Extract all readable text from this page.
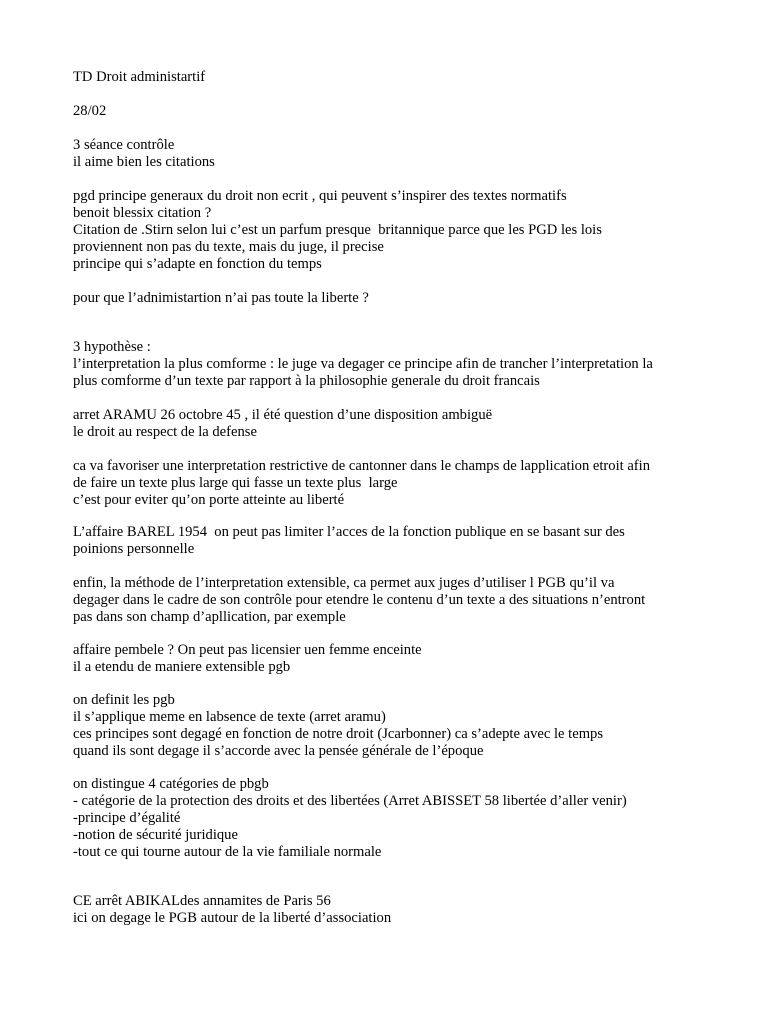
TD Droit administartif

28/02

3 séance contrôle

il aime bien les citations

pgd principe generaux du droit non ecrit , qui peuvent s’inspirer des textes normatifs

benoit blessix citation ?

Citation de .Stirn selon lui c’est un parfum presque  britannique parce que les PGD les lois

proviennent non pas du texte, mais du juge, il precise

principe qui s’adapte en fonction du temps

pour que l’adnimistartion n’ai pas toute la liberte ?

3 hypothèse :

l’interpretation la plus comforme : le juge va degager ce principe afin de trancher l’interpretation la

plus comforme d’un texte par rapport à la philosophie generale du droit francais

arret ARAMU 26 octobre 45 , il été question d’une disposition ambiguë

le droit au respect de la defense

ca va favoriser une interpretation restrictive de cantonner dans le champs de lapplication etroit afin

de faire un texte plus large qui fasse un texte plus  large

c’est pour eviter qu’on porte atteinte au liberté

L’affaire BAREL 1954  on peut pas limiter l’acces de la fonction publique en se basant sur des

poinions personnelle

enfin, la méthode de l’interpretation extensible, ca permet aux juges d’utiliser l PGB qu’il va

degager dans le cadre de son contrôle pour etendre le contenu d’un texte a des situations n’entront

pas dans son champ d’apllication, par exemple

affaire pembele ? On peut pas licensier uen femme enceinte

il a etendu de maniere extensible pgb

on definit les pgb

il s’applique meme en labsence de texte (arret aramu)

ces principes sont degagé en fonction de notre droit (Jcarbonner) ca s’adepte avec le temps

quand ils sont degage il s’accorde avec la pensée générale de l’époque

on distingue 4 catégories de pbgb

- catégorie de la protection des droits et des libertées (Arret ABISSET 58 libertée d’aller venir)

-principe d’égalité

-notion de sécurité juridique

-tout ce qui tourne autour de la vie familiale normale

CE arrêt ABIKALdes annamites de Paris 56

ici on degage le PGB autour de la liberté d’association
